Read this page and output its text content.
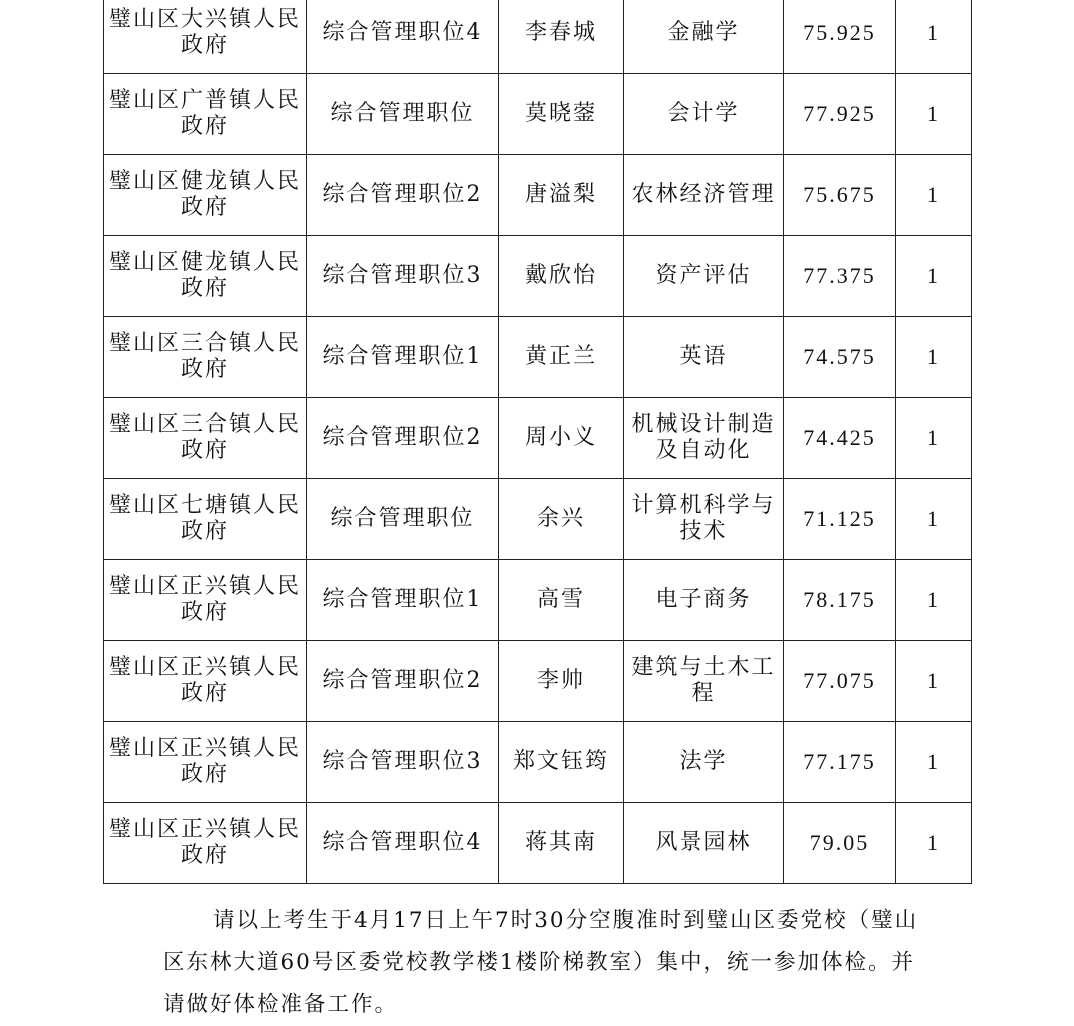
璧山区大兴镇人民政府	综合管理职位4	李春城	金融学	75.925	1
璧山区广普镇人民政府	综合管理职位	莫晓蓥	会计学	77.925	1
璧山区健龙镇人民政府	综合管理职位2	唐溢梨	农林经济管理	75.675	1
璧山区健龙镇人民政府	综合管理职位3	戴欣怡	资产评估	77.375	1
璧山区三合镇人民政府	综合管理职位1	黄正兰	英语	74.575	1
璧山区三合镇人民政府	综合管理职位2	周小义	机械设计制造及自动化	74.425	1
璧山区七塘镇人民政府	综合管理职位	余兴	计算机科学与技术	71.125	1
璧山区正兴镇人民政府	综合管理职位1	高雪	电子商务	78.175	1
璧山区正兴镇人民政府	综合管理职位2	李帅	建筑与土木工程	77.075	1
璧山区正兴镇人民政府	综合管理职位3	郑文钰筠	法学	77.175	1
璧山区正兴镇人民政府	综合管理职位4	蒋其南	风景园林	79.05	1
请以上考生于4月17日上午7时30分空腹准时到璧山区委党校（璧山区东林大道60号区委党校教学楼1楼阶梯教室）集中，统一参加体检。并请做好体检准备工作。
